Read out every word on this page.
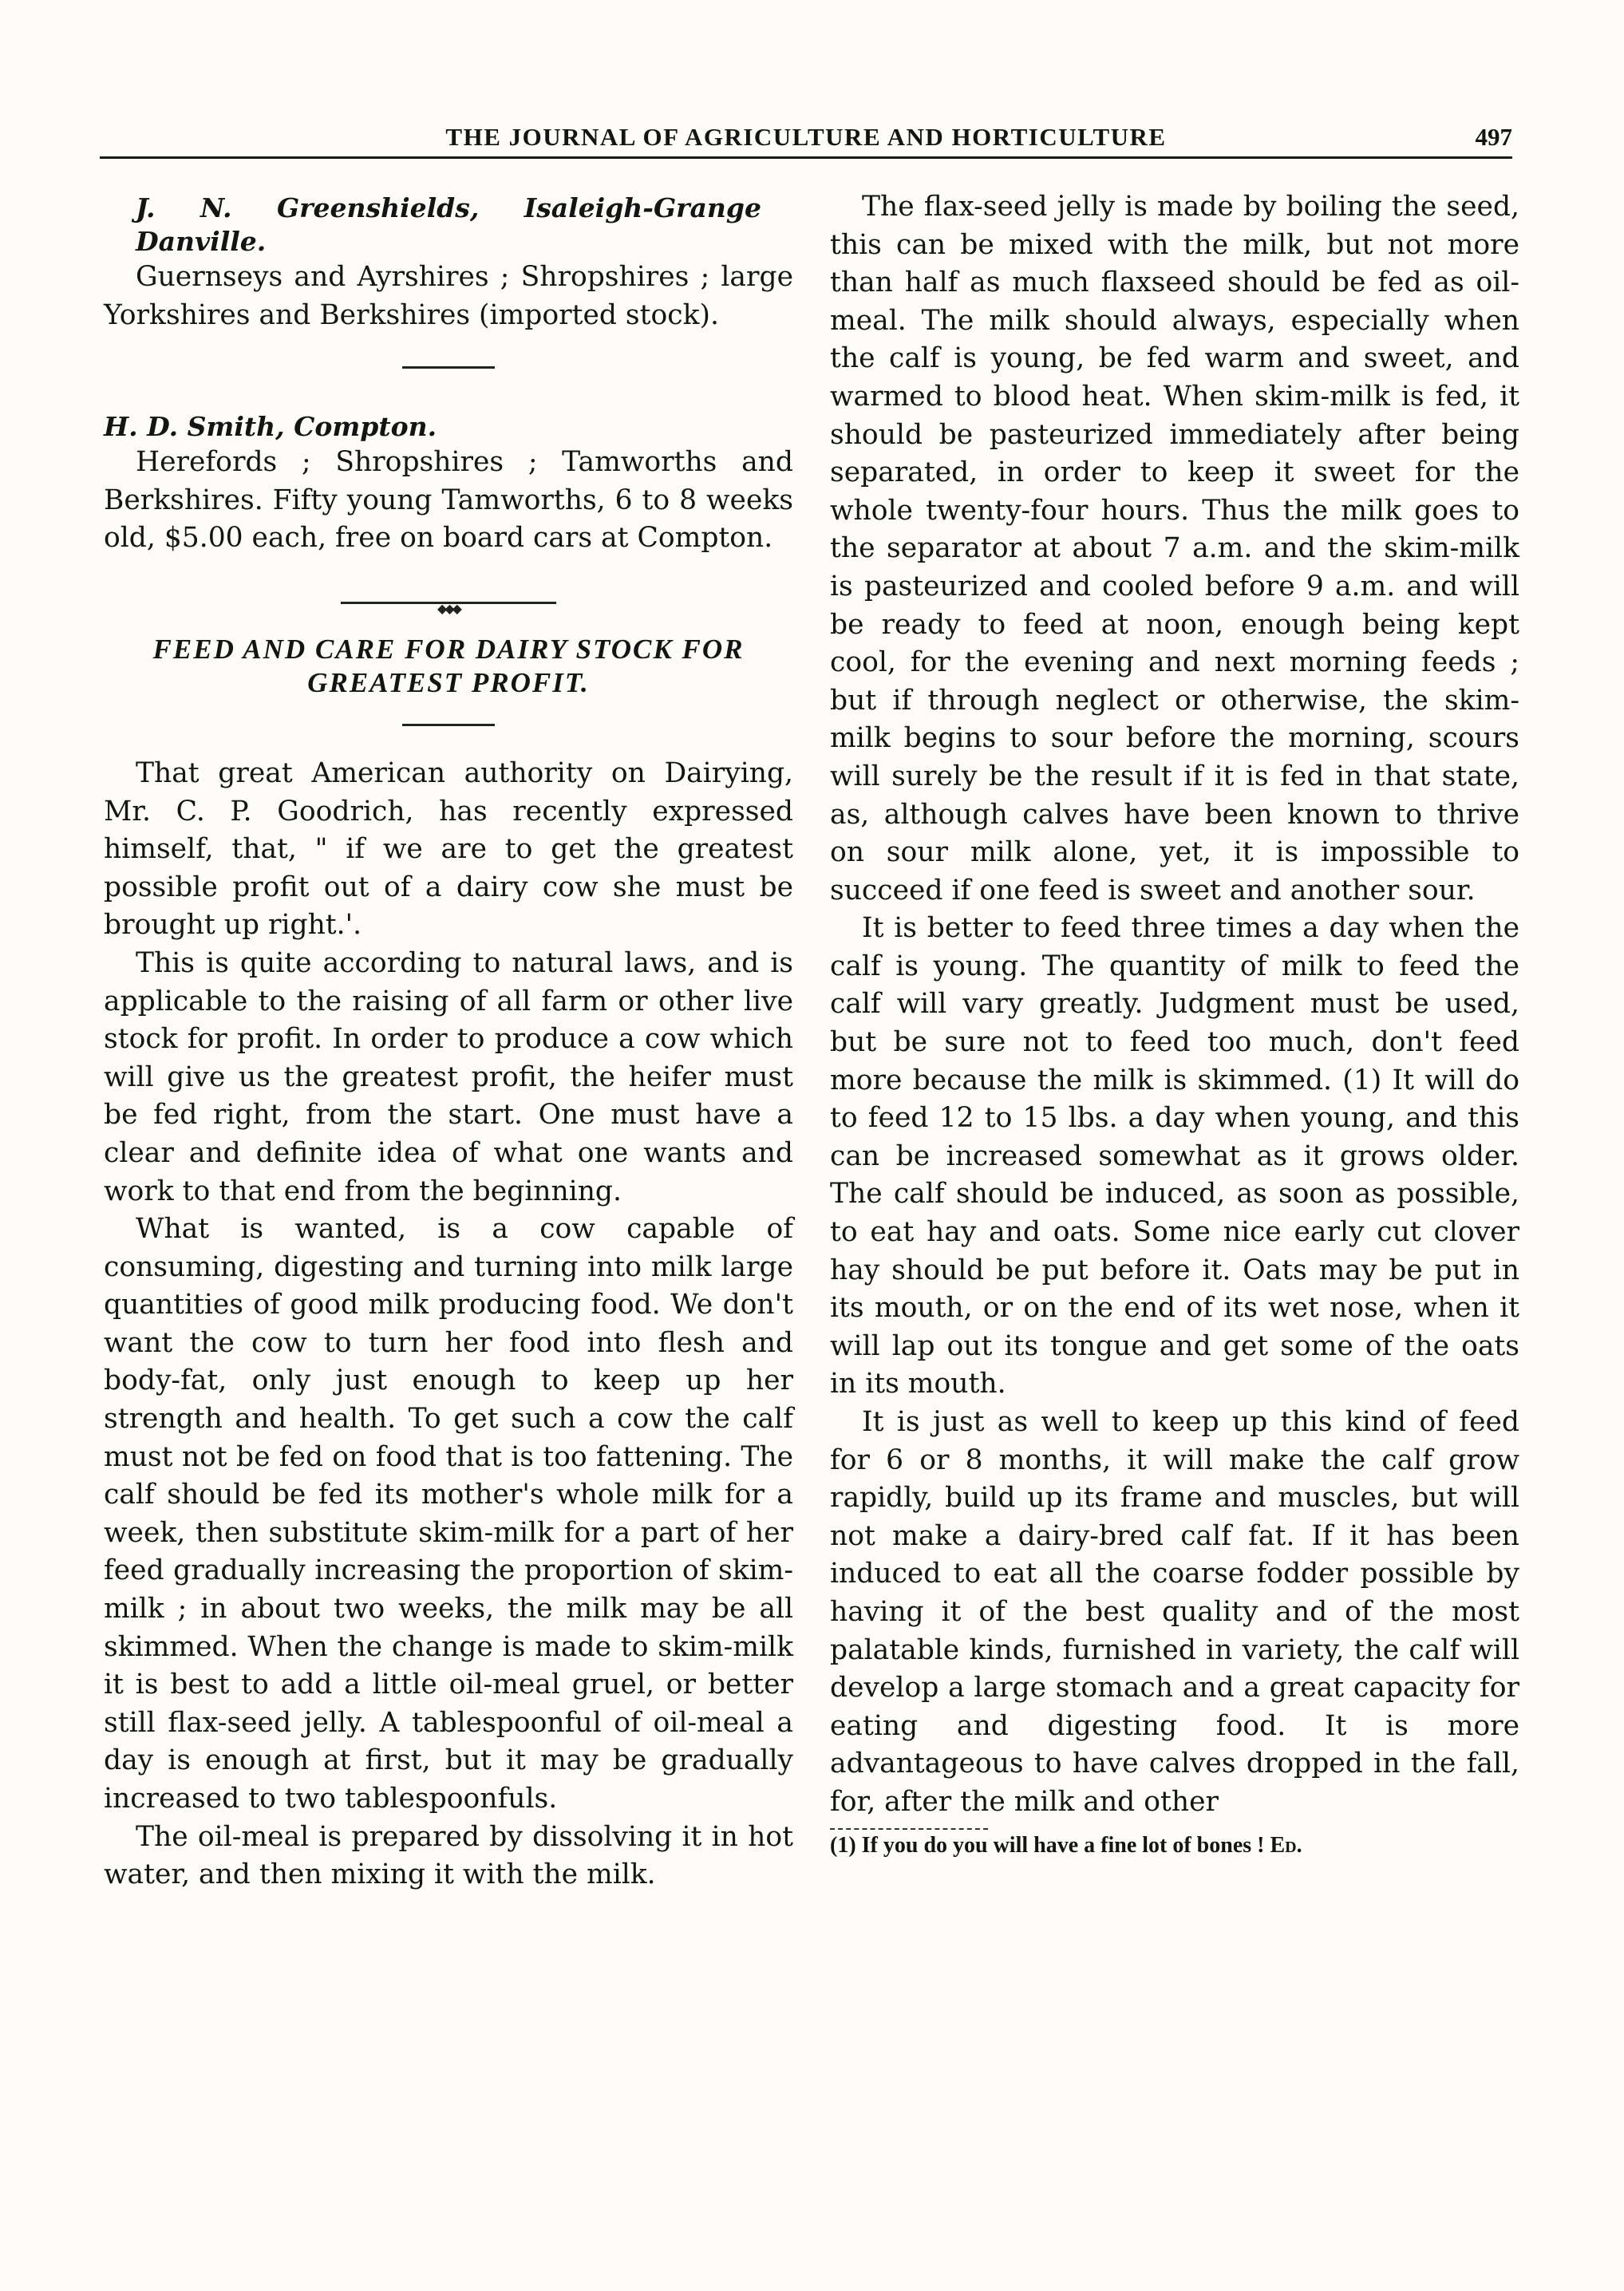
THE JOURNAL OF AGRICULTURE AND HORTICULTURE	497

J. N. Greenshields, Isaleigh-Grange Danville.

Guernseys and Ayrshires ; Shropshires ; large Yorkshires and Berkshires (imported stock).

H. D. Smith, Compton.

Herefords ; Shropshires ; Tamworths and Berkshires. Fifty young Tamworths, 6 to 8 weeks old, $5.00 each, free on board cars at Compton.

◆◆◆
FEED AND CARE FOR DAIRY STOCK FOR GREATEST PROFIT.

That great American authority on Dairying, Mr. C. P. Goodrich, has recently expressed himself, that, " if we are to get the greatest possible profit out of a dairy cow she must be brought up right.'.

This is quite according to natural laws, and is applicable to the raising of all farm or other live stock for profit. In order to produce a cow which will give us the greatest profit, the heifer must be fed right, from the start. One must have a clear and definite idea of what one wants and work to that end from the beginning.

What is wanted, is a cow capable of consuming, digesting and turning into milk large quantities of good milk producing food. We don't want the cow to turn her food into flesh and body-fat, only just enough to keep up her strength and health. To get such a cow the calf must not be fed on food that is too fattening. The calf should be fed its mother's whole milk for a week, then substitute skim-milk for a part of her feed gradually increasing the proportion of skim-milk ; in about two weeks, the milk may be all skimmed. When the change is made to skim-milk it is best to add a little oil-meal gruel, or better still flax-seed jelly. A tablespoonful of oil-meal a day is enough at first, but it may be gradually increased to two tablespoonfuls.

The oil-meal is prepared by dissolving it in hot water, and then mixing it with the milk.

The flax-seed jelly is made by boiling the seed, this can be mixed with the milk, but not more than half as much flaxseed should be fed as oil-meal. The milk should always, especially when the calf is young, be fed warm and sweet, and warmed to blood heat. When skim-milk is fed, it should be pasteurized immediately after being separated, in order to keep it sweet for the whole twenty-four hours. Thus the milk goes to the separator at about 7 a.m. and the skim-milk is pasteurized and cooled before 9 a.m. and will be ready to feed at noon, enough being kept cool, for the evening and next morning feeds ; but if through neglect or otherwise, the skim-milk begins to sour before the morning, scours will surely be the result if it is fed in that state, as, although calves have been known to thrive on sour milk alone, yet, it is impossible to succeed if one feed is sweet and another sour.

It is better to feed three times a day when the calf is young. The quantity of milk to feed the calf will vary greatly. Judgment must be used, but be sure not to feed too much, don't feed more because the milk is skimmed. (1) It will do to feed 12 to 15 lbs. a day when young, and this can be increased somewhat as it grows older. The calf should be induced, as soon as possible, to eat hay and oats. Some nice early cut clover hay should be put before it. Oats may be put in its mouth, or on the end of its wet nose, when it will lap out its tongue and get some of the oats in its mouth.

It is just as well to keep up this kind of feed for 6 or 8 months, it will make the calf grow rapidly, build up its frame and muscles, but will not make a dairy-bred calf fat. If it has been induced to eat all the coarse fodder possible by having it of the best quality and of the most palatable kinds, furnished in variety, the calf will develop a large stomach and a great capacity for eating and digesting food. It is more advantageous to have calves dropped in the fall, for, after the milk and other

(1) If you do you will have a fine lot of bones ! Ed.
